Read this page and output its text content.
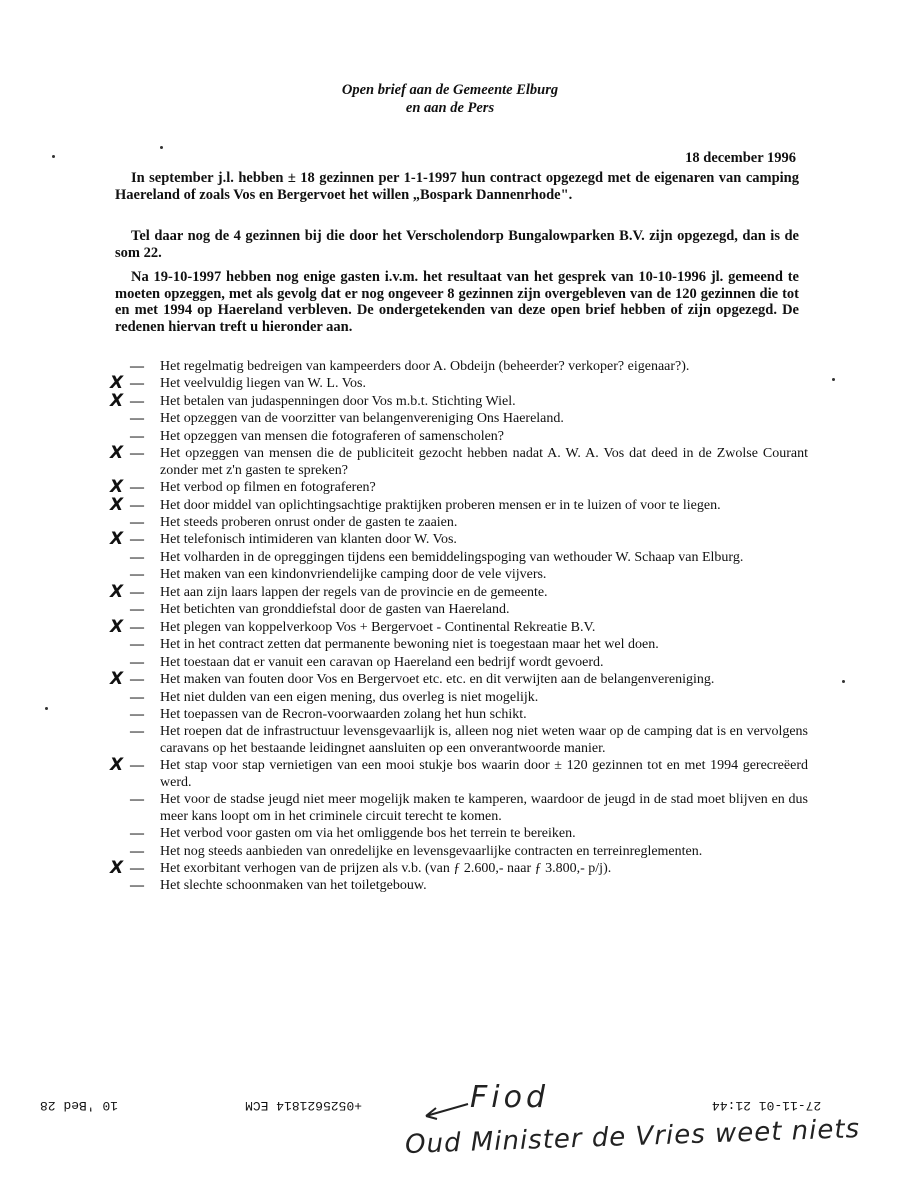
Open brief aan de Gemeente Elburg
en aan de Pers
18 december 1996
In september j.l. hebben ± 18 gezinnen per 1-1-1997 hun contract opgezegd met de eigenaren van camping Haereland of zoals Vos en Bergervoet het willen „Bospark Dannenrhode".
Tel daar nog de 4 gezinnen bij die door het Verscholendorp Bungalowparken B.V. zijn opgezegd, dan is de som 22.
Na 19-10-1997 hebben nog enige gasten i.v.m. het resultaat van het gesprek van 10-10-1996 jl. gemeend te moeten opzeggen, met als gevolg dat er nog ongeveer 8 gezinnen zijn overgebleven van de 120 gezinnen die tot en met 1994 op Haereland verbleven. De ondergetekenden van deze open brief hebben of zijn opgezegd. De redenen hiervan treft u hieronder aan.
— Het regelmatig bedreigen van kampeerders door A. Obdeijn (beheerder? verkoper? eigenaar?).
X — Het veelvuldig liegen van W. L. Vos.
X — Het betalen van judaspenningen door Vos m.b.t. Stichting Wiel.
— Het opzeggen van de voorzitter van belangenvereniging Ons Haereland.
— Het opzeggen van mensen die fotograferen of samenscholen?
X — Het opzeggen van mensen die de publiciteit gezocht hebben nadat A. W. A. Vos dat deed in de Zwolse Courant zonder met z'n gasten te spreken?
X — Het verbod op filmen en fotograferen?
X — Het door middel van oplichtingsachtige praktijken proberen mensen er in te luizen of voor te liegen.
— Het steeds proberen onrust onder de gasten te zaaien.
X — Het telefonisch intimideren van klanten door W. Vos.
— Het volharden in de opreggingen tijdens een bemiddelingspoging van wethouder W. Schaap van Elburg.
— Het maken van een kindonvriendelijke camping door de vele vijvers.
X — Het aan zijn laars lappen der regels van de provincie en de gemeente.
— Het betichten van gronddiefstal door de gasten van Haereland.
X — Het plegen van koppelverkoop Vos + Bergervoet - Continental Rekreatie B.V.
— Het in het contract zetten dat permanente bewoning niet is toegestaan maar het wel doen.
— Het toestaan dat er vanuit een caravan op Haereland een bedrijf wordt gevoerd.
X — Het maken van fouten door Vos en Bergervoet etc. etc. en dit verwijten aan de belangenvereniging.
— Het niet dulden van een eigen mening, dus overleg is niet mogelijk.
— Het toepassen van de Recron-voorwaarden zolang het hun schikt.
— Het roepen dat de infrastructuur levensgevaarlijk is, alleen nog niet weten waar op de camping dat is en vervolgens caravans op het bestaande leidingnet aansluiten op een onverantwoorde manier.
X — Het stap voor stap vernietigen van een mooi stukje bos waarin door ± 120 gezinnen tot en met 1994 gerecreëerd werd.
— Het voor de stadse jeugd niet meer mogelijk maken te kamperen, waardoor de jeugd in de stad moet blijven en dus meer kans loopt om in het criminele circuit terecht te komen.
— Het verbod voor gasten om via het omliggende bos het terrein te bereiken.
— Het nog steeds aanbieden van onredelijke en levensgevaarlijke contracten en terreinreglementen.
X — Het exorbitant verhogen van de prijzen als v.b. (van ƒ 2.600,- naar ƒ 3.800,- p/j).
— Het slechte schoonmaken van het toiletgebouw.
10 'Bed 28	+0525621814 ECM	27-11-01 21:44
Fiod
Oud Minister de Vries weet niets
